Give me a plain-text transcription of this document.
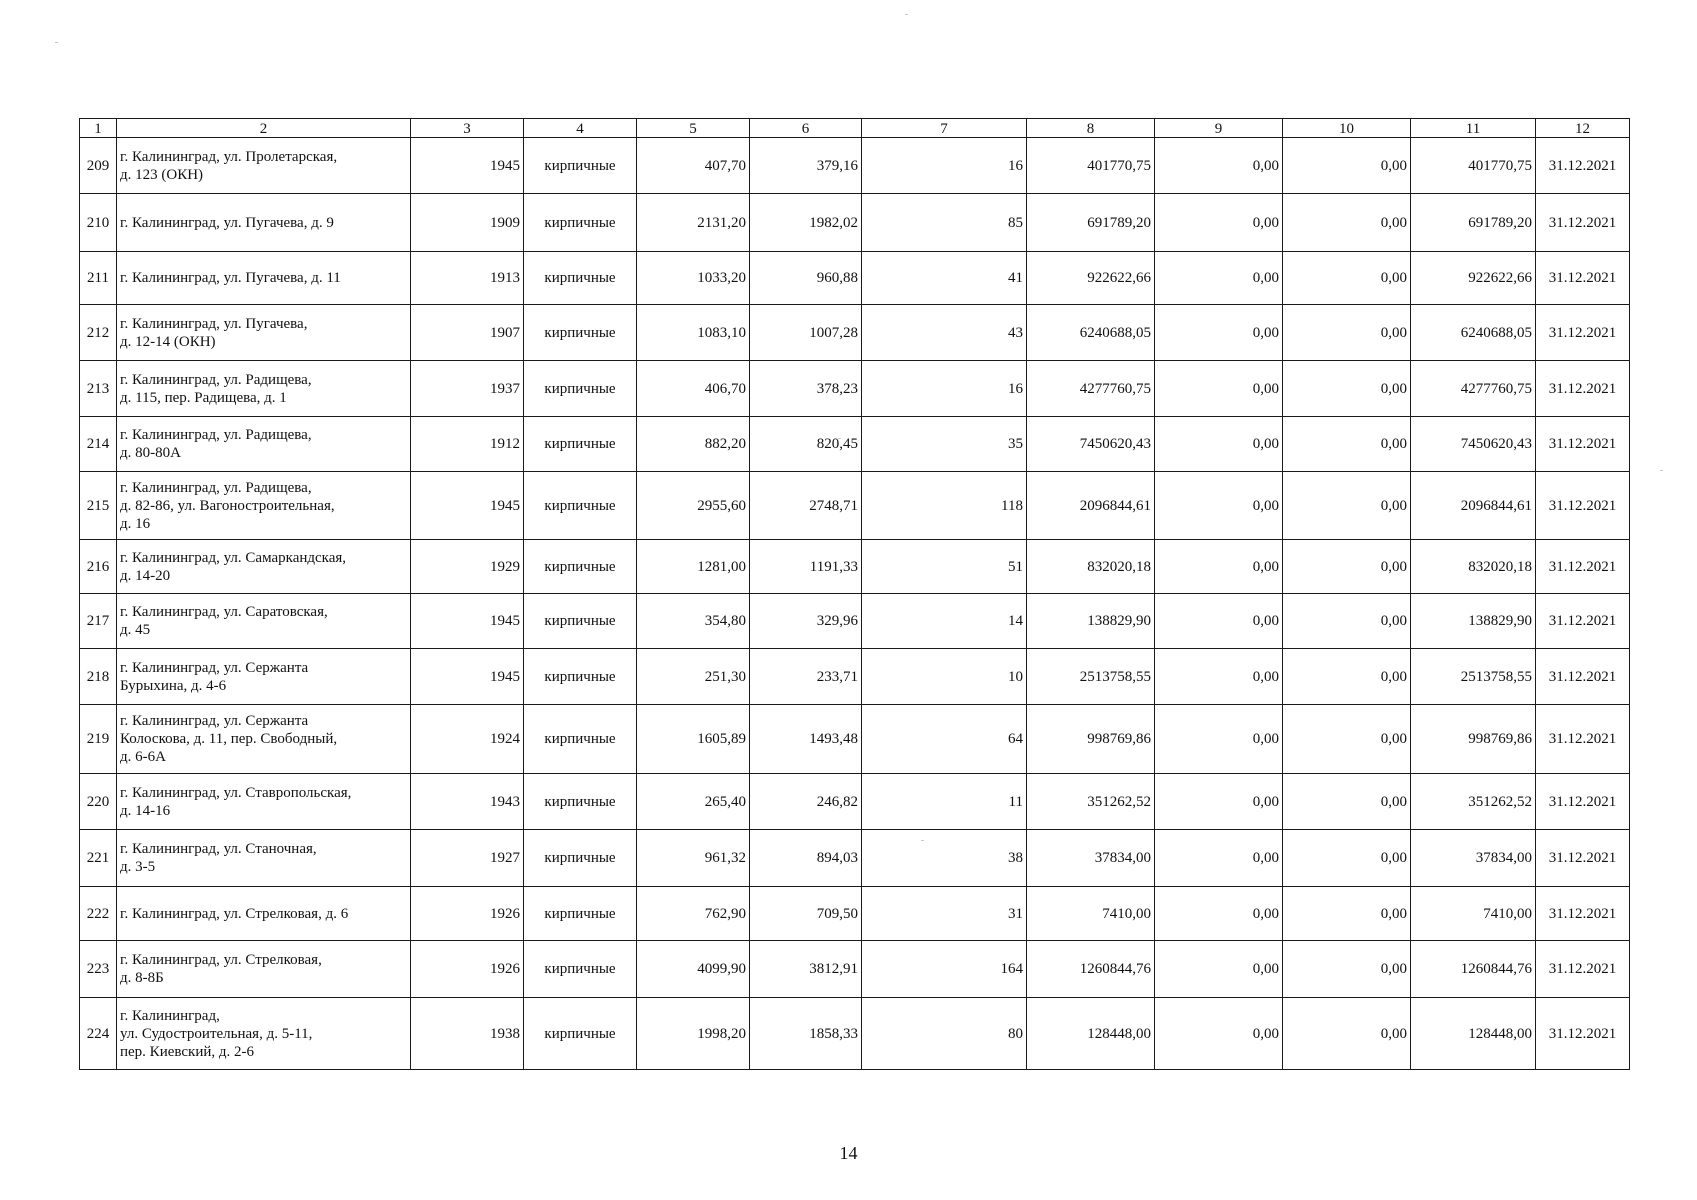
1	2	3	4	5	6	7	8	9	10	11	12
209	г. Калининград, ул. Пролетарская,
д. 123 (ОКН)	1945	кирпичные	407,70	379,16	16	401770,75	0,00	0,00	401770,75	31.12.2021
210	г. Калининград, ул. Пугачева, д. 9	1909	кирпичные	2131,20	1982,02	85	691789,20	0,00	0,00	691789,20	31.12.2021
211	г. Калининград, ул. Пугачева, д. 11	1913	кирпичные	1033,20	960,88	41	922622,66	0,00	0,00	922622,66	31.12.2021
212	г. Калининград, ул. Пугачева,
д. 12-14 (ОКН)	1907	кирпичные	1083,10	1007,28	43	6240688,05	0,00	0,00	6240688,05	31.12.2021
213	г. Калининград, ул. Радищева,
д. 115, пер. Радищева, д. 1	1937	кирпичные	406,70	378,23	16	4277760,75	0,00	0,00	4277760,75	31.12.2021
214	г. Калининград, ул. Радищева,
д. 80-80А	1912	кирпичные	882,20	820,45	35	7450620,43	0,00	0,00	7450620,43	31.12.2021
215	г. Калининград, ул. Радищева,
д. 82-86, ул. Вагоностроительная,
д. 16	1945	кирпичные	2955,60	2748,71	118	2096844,61	0,00	0,00	2096844,61	31.12.2021
216	г. Калининград, ул. Самаркандская,
д. 14-20	1929	кирпичные	1281,00	1191,33	51	832020,18	0,00	0,00	832020,18	31.12.2021
217	г. Калининград, ул. Саратовская,
д. 45	1945	кирпичные	354,80	329,96	14	138829,90	0,00	0,00	138829,90	31.12.2021
218	г. Калининград, ул. Сержанта
Бурыхина, д. 4-6	1945	кирпичные	251,30	233,71	10	2513758,55	0,00	0,00	2513758,55	31.12.2021
219	г. Калининград, ул. Сержанта
Колоскова, д. 11, пер. Свободный,
д. 6-6А	1924	кирпичные	1605,89	1493,48	64	998769,86	0,00	0,00	998769,86	31.12.2021
220	г. Калининград, ул. Ставропольская,
д. 14-16	1943	кирпичные	265,40	246,82	11	351262,52	0,00	0,00	351262,52	31.12.2021
221	г. Калининград, ул. Станочная,
д. 3-5	1927	кирпичные	961,32	894,03	38	37834,00	0,00	0,00	37834,00	31.12.2021
222	г. Калининград, ул. Стрелковая, д. 6	1926	кирпичные	762,90	709,50	31	7410,00	0,00	0,00	7410,00	31.12.2021
223	г. Калининград, ул. Стрелковая,
д. 8-8Б	1926	кирпичные	4099,90	3812,91	164	1260844,76	0,00	0,00	1260844,76	31.12.2021
224	г. Калининград,
ул. Судостроительная, д. 5-11,
пер. Киевский, д. 2-6	1938	кирпичные	1998,20	1858,33	80	128448,00	0,00	0,00	128448,00	31.12.2021
14
